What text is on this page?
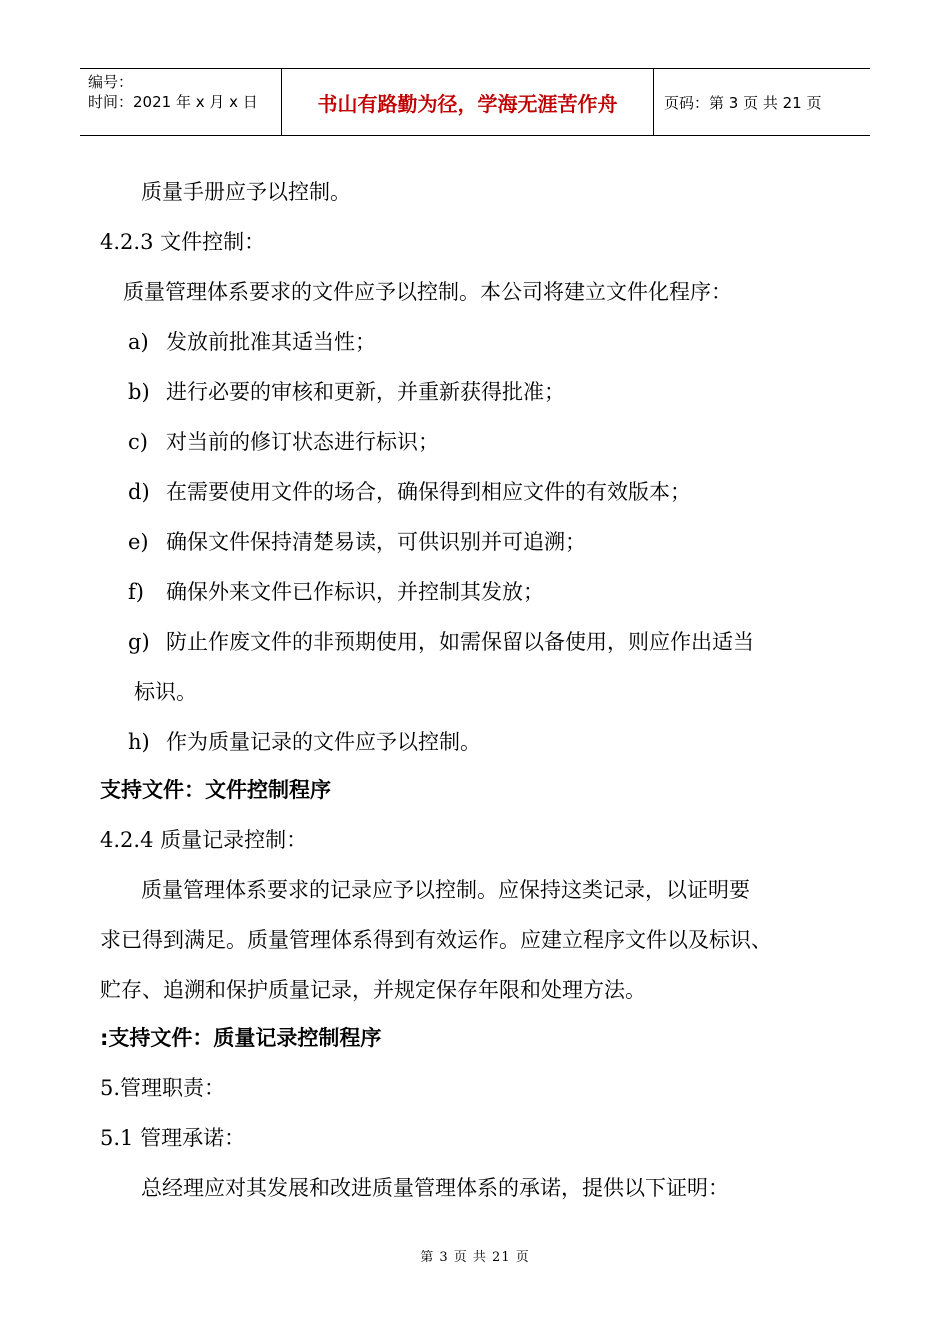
编号：
时间：2021 年 x 月 x 日	书山有路勤为径，学海无涯苦作舟	页码：第 3 页 共 21 页
质量手册应予以控制。
4.2.3 文件控制：
质量管理体系要求的文件应予以控制。本公司将建立文件化程序：
a) 发放前批准其适当性；
b) 进行必要的审核和更新，并重新获得批准；
c) 对当前的修订状态进行标识；
d) 在需要使用文件的场合，确保得到相应文件的有效版本；
e) 确保文件保持清楚易读，可供识别并可追溯；
f) 确保外来文件已作标识，并控制其发放；
g) 防止作废文件的非预期使用，如需保留以备使用，则应作出适当
标识。
h) 作为质量记录的文件应予以控制。
支持文件：文件控制程序
4.2.4 质量记录控制：
质量管理体系要求的记录应予以控制。应保持这类记录，以证明要
求已得到满足。质量管理体系得到有效运作。应建立程序文件以及标识、
贮存、追溯和保护质量记录，并规定保存年限和处理方法。
:支持文件：质量记录控制程序
5.管理职责：
5.1 管理承诺：
总经理应对其发展和改进质量管理体系的承诺，提供以下证明：
第 3 页 共 21 页
